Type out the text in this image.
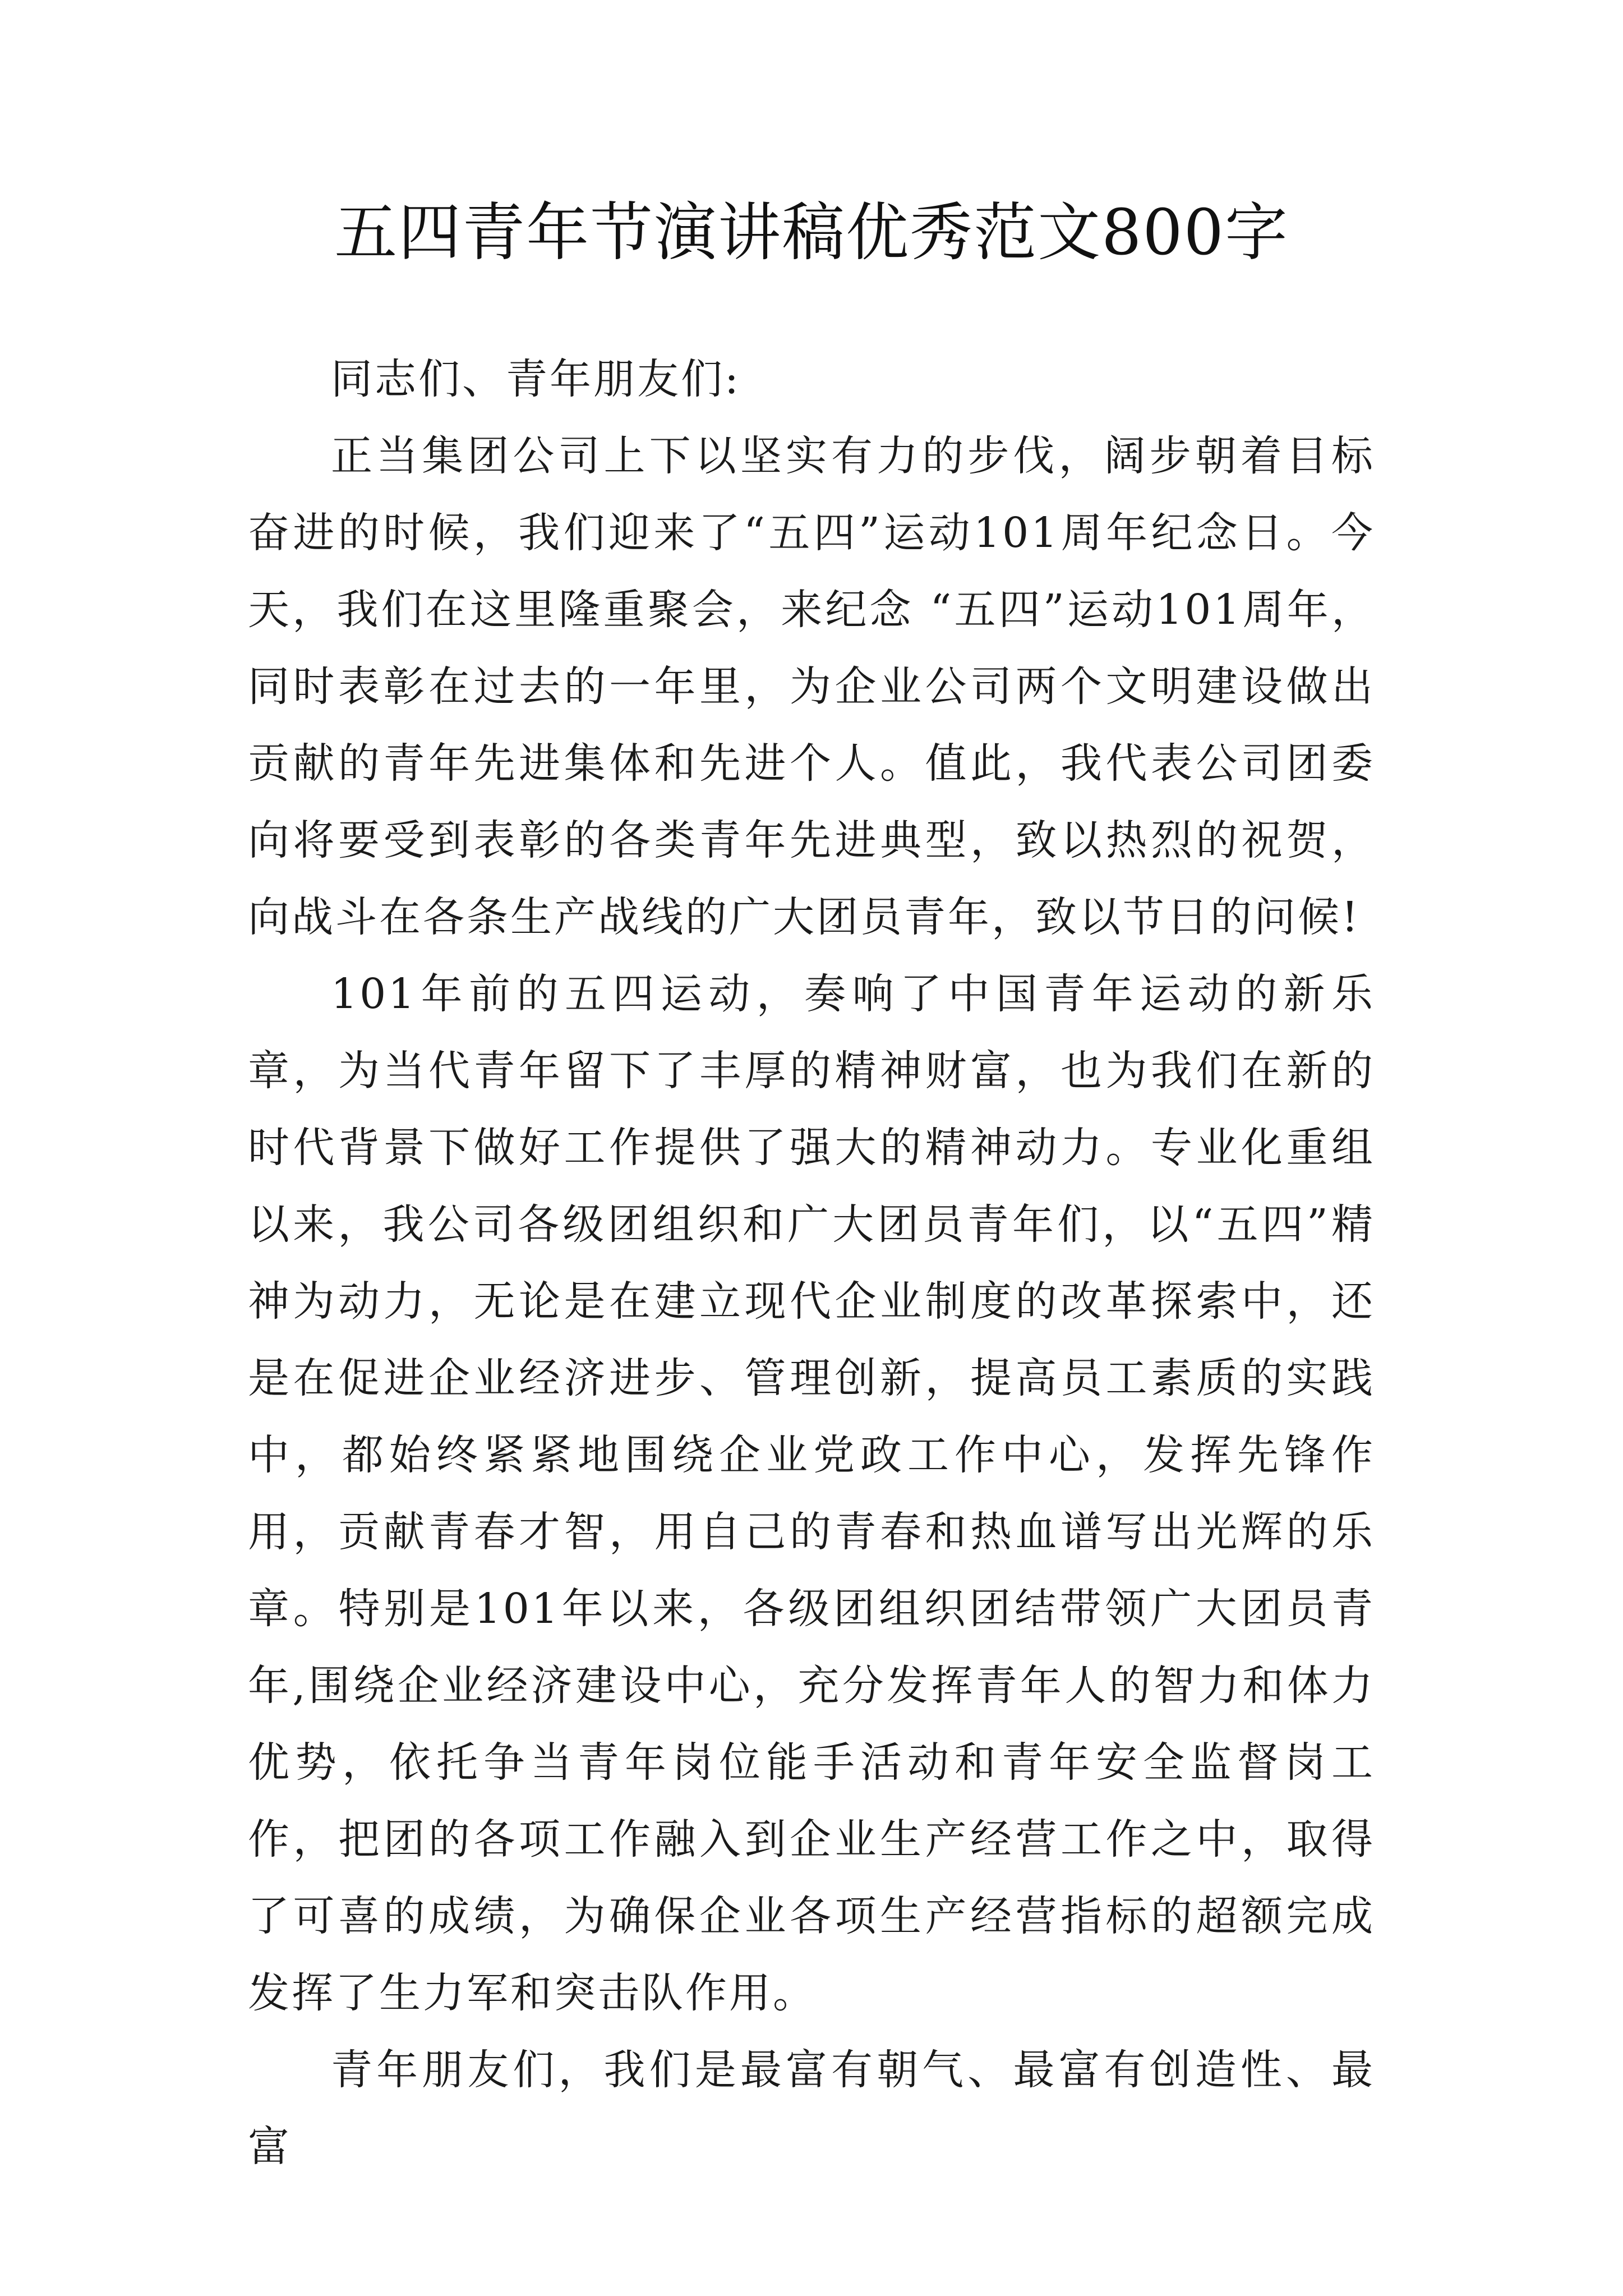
五四青年节演讲稿优秀范文800字

同志们、青年朋友们:

正当集团公司上下以坚实有力的步伐，阔步朝着目标奋进的时候，我们迎来了“五四”运动101周年纪念日。今天，我们在这里隆重聚会，来纪念 “五四”运动101周年，同时表彰在过去的一年里，为企业公司两个文明建设做出贡献的青年先进集体和先进个人。值此，我代表公司团委向将要受到表彰的各类青年先进典型，致以热烈的祝贺，向战斗在各条生产战线的广大团员青年，致以节日的问候!

101年前的五四运动，奏响了中国青年运动的新乐章，为当代青年留下了丰厚的精神财富，也为我们在新的时代背景下做好工作提供了强大的精神动力。专业化重组以来，我公司各级团组织和广大团员青年们，以“五四”精神为动力，无论是在建立现代企业制度的改革探索中，还是在促进企业经济进步、管理创新，提高员工素质的实践中，都始终紧紧地围绕企业党政工作中心，发挥先锋作用，贡献青春才智，用自己的青春和热血谱写出光辉的乐章。特别是101年以来，各级团组织团结带领广大团员青年,围绕企业经济建设中心，充分发挥青年人的智力和体力优势，依托争当青年岗位能手活动和青年安全监督岗工作，把团的各项工作融入到企业生产经营工作之中，取得了可喜的成绩，为确保企业各项生产经营指标的超额完成发挥了生力军和突击队作用。

青年朋友们，我们是最富有朝气、最富有创造性、最富
